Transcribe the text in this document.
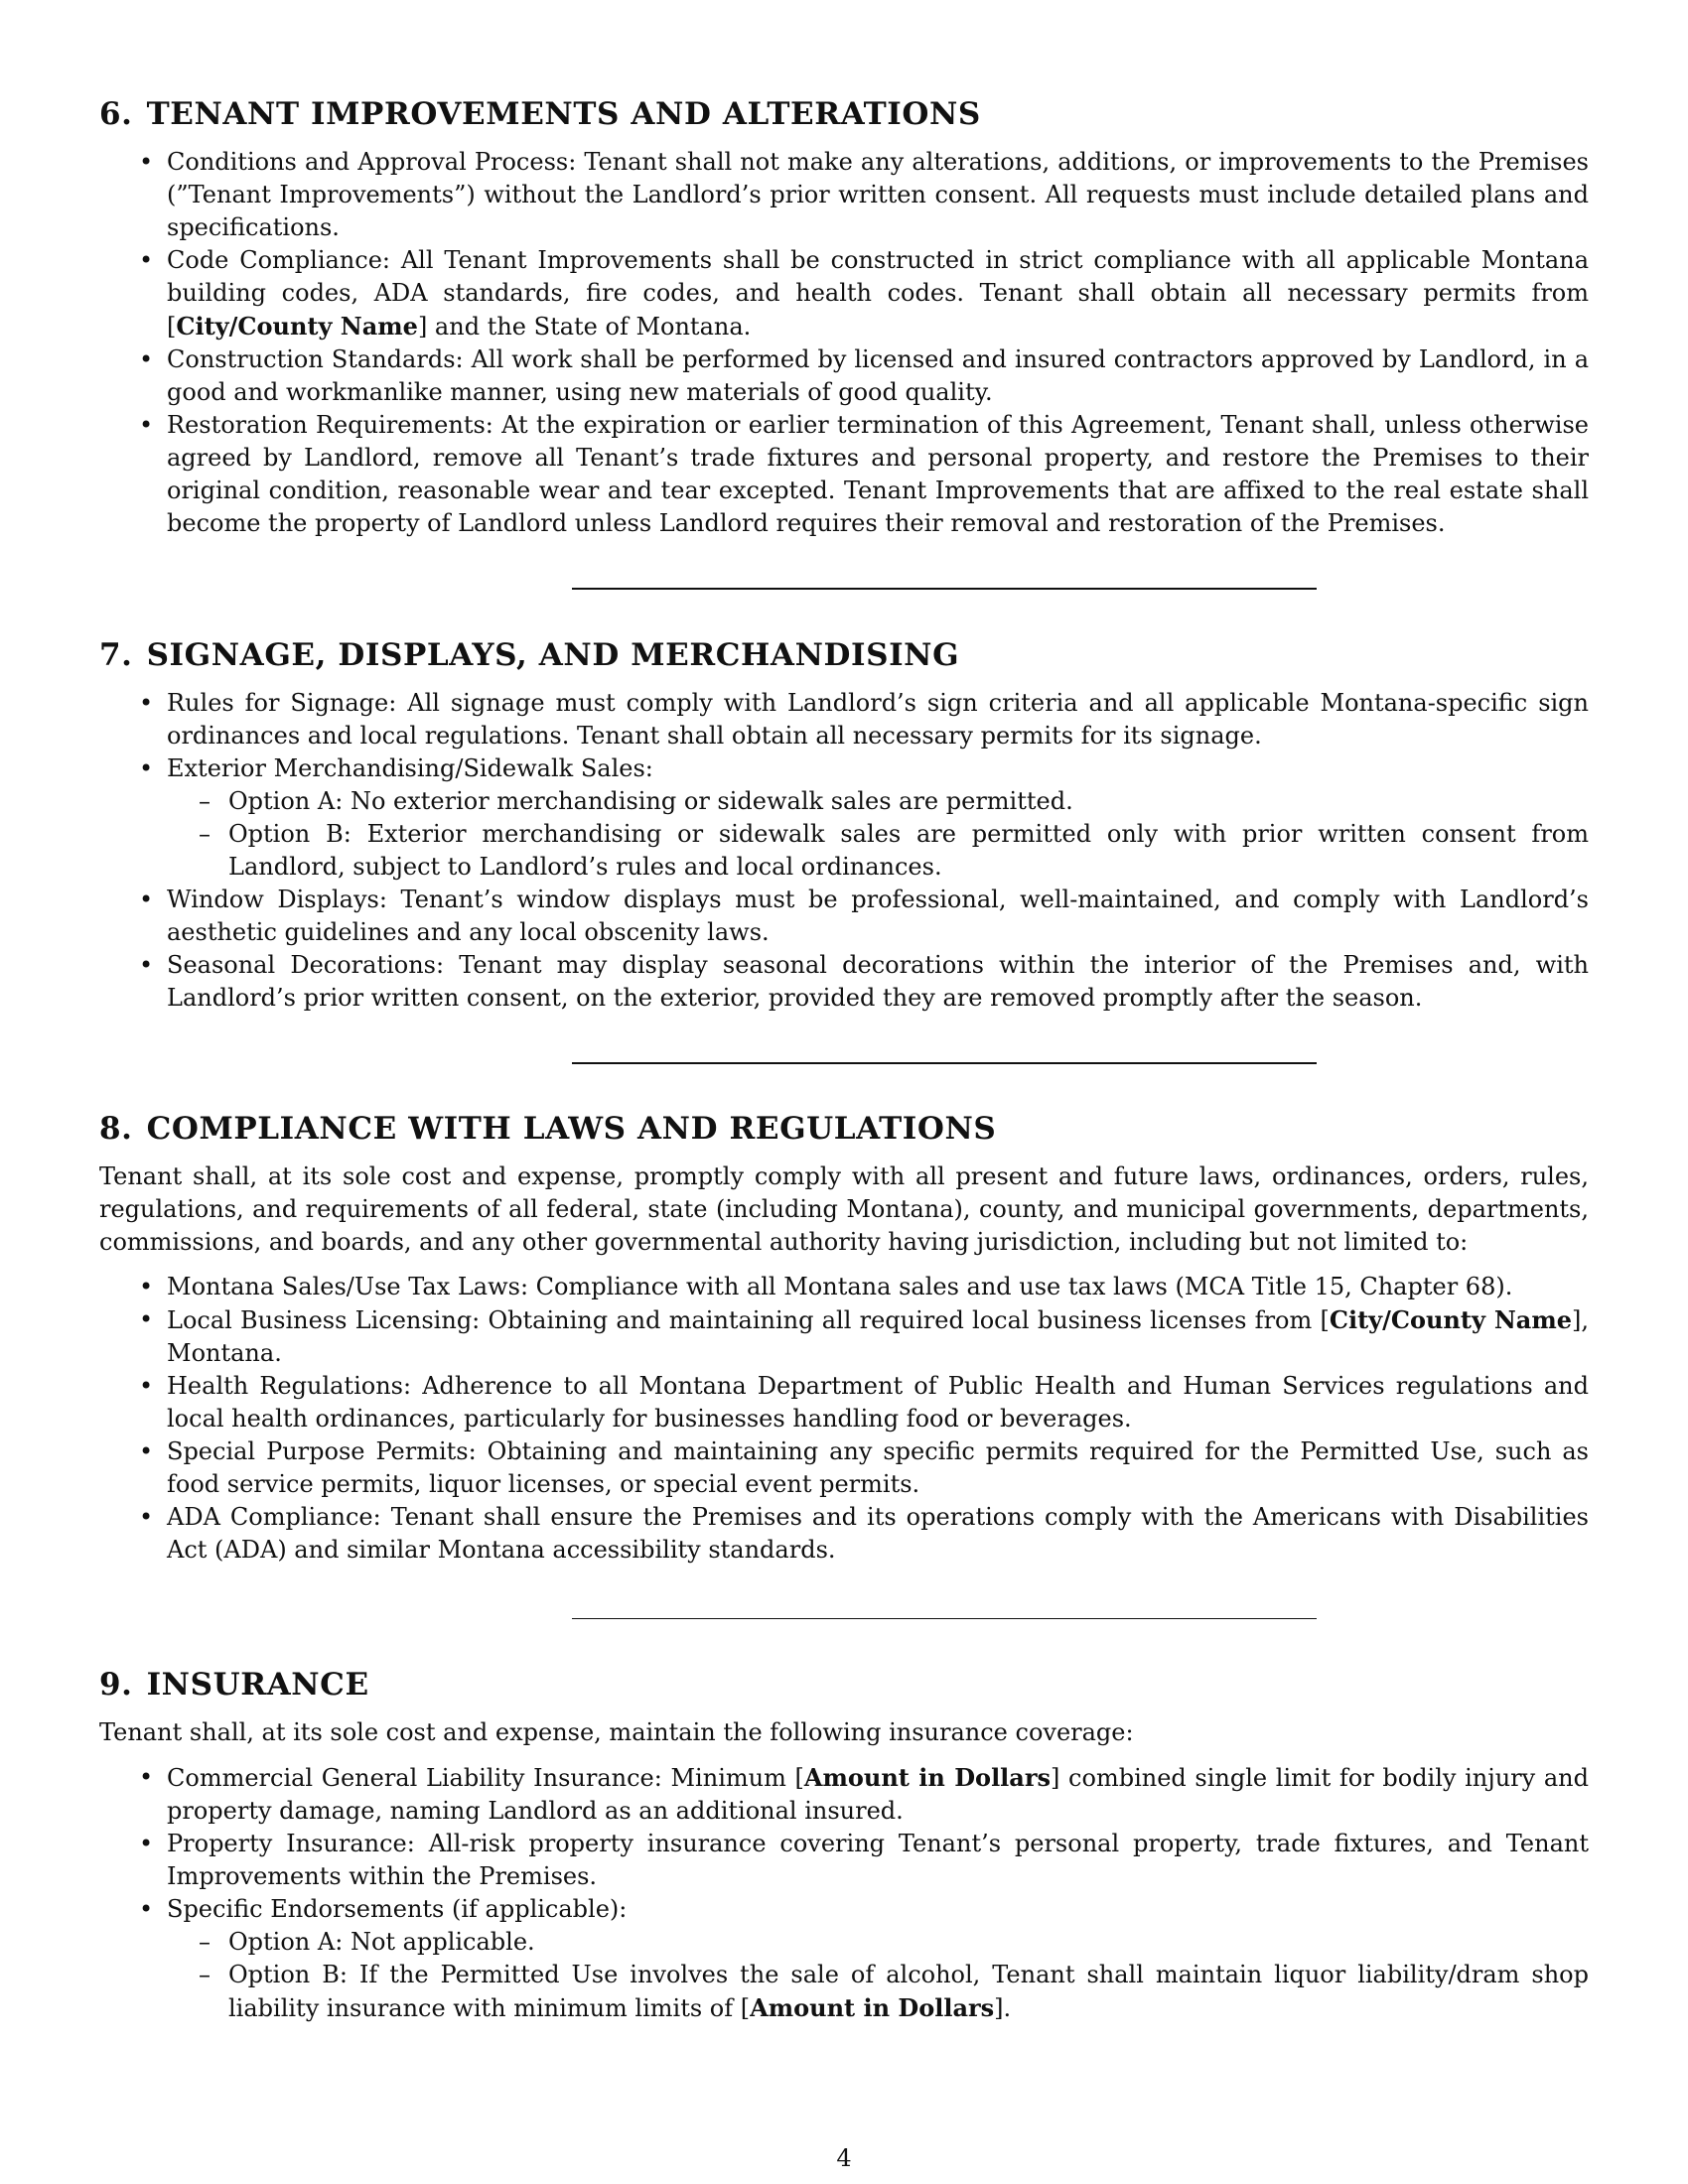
6. TENANT IMPROVEMENTS AND ALTERATIONS
• Conditions and Approval Process: Tenant shall not make any alterations, additions, or improvements to the Premises (”Tenant Improvements”) without the Landlord’s prior written consent. All requests must include detailed plans and specifications.
• Code Compliance: All Tenant Improvements shall be constructed in strict compliance with all applicable Montana building codes, ADA standards, fire codes, and health codes. Tenant shall obtain all necessary permits from [City/County Name] and the State of Montana.
• Construction Standards: All work shall be performed by licensed and insured contractors approved by Landlord, in a good and workmanlike manner, using new materials of good quality.
• Restoration Requirements: At the expiration or earlier termination of this Agreement, Tenant shall, unless otherwise agreed by Landlord, remove all Tenant’s trade fixtures and personal property, and restore the Premises to their original condition, reasonable wear and tear excepted. Tenant Improvements that are affixed to the real estate shall become the property of Landlord unless Landlord requires their removal and restoration of the Premises.
7. SIGNAGE, DISPLAYS, AND MERCHANDISING
• Rules for Signage: All signage must comply with Landlord’s sign criteria and all applicable Montana-specific sign ordinances and local regulations. Tenant shall obtain all necessary permits for its signage.
• Exterior Merchandising/Sidewalk Sales:
– Option A: No exterior merchandising or sidewalk sales are permitted.
– Option B: Exterior merchandising or sidewalk sales are permitted only with prior written consent from Landlord, subject to Landlord’s rules and local ordinances.
• Window Displays: Tenant’s window displays must be professional, well-maintained, and comply with Landlord’s aesthetic guidelines and any local obscenity laws.
• Seasonal Decorations: Tenant may display seasonal decorations within the interior of the Premises and, with Landlord’s prior written consent, on the exterior, provided they are removed promptly after the season.
8. COMPLIANCE WITH LAWS AND REGULATIONS

Tenant shall, at its sole cost and expense, promptly comply with all present and future laws, ordinances, orders, rules, regulations, and requirements of all federal, state (including Montana), county, and municipal governments, departments, commissions, and boards, and any other governmental authority having jurisdiction, including but not limited to:

• Montana Sales/Use Tax Laws: Compliance with all Montana sales and use tax laws (MCA Title 15, Chapter 68).
• Local Business Licensing: Obtaining and maintaining all required local business licenses from [City/County Name], Montana.
• Health Regulations: Adherence to all Montana Department of Public Health and Human Services regulations and local health ordinances, particularly for businesses handling food or beverages.
• Special Purpose Permits: Obtaining and maintaining any specific permits required for the Permitted Use, such as food service permits, liquor licenses, or special event permits.
• ADA Compliance: Tenant shall ensure the Premises and its operations comply with the Americans with Disabilities Act (ADA) and similar Montana accessibility standards.
9. INSURANCE

Tenant shall, at its sole cost and expense, maintain the following insurance coverage:

• Commercial General Liability Insurance: Minimum [Amount in Dollars] combined single limit for bodily injury and property damage, naming Landlord as an additional insured.
• Property Insurance: All-risk property insurance covering Tenant’s personal property, trade fixtures, and Tenant Improvements within the Premises.
• Specific Endorsements (if applicable):
– Option A: Not applicable.
– Option B: If the Permitted Use involves the sale of alcohol, Tenant shall maintain liquor liability/dram shop liability insurance with minimum limits of [Amount in Dollars].
4
